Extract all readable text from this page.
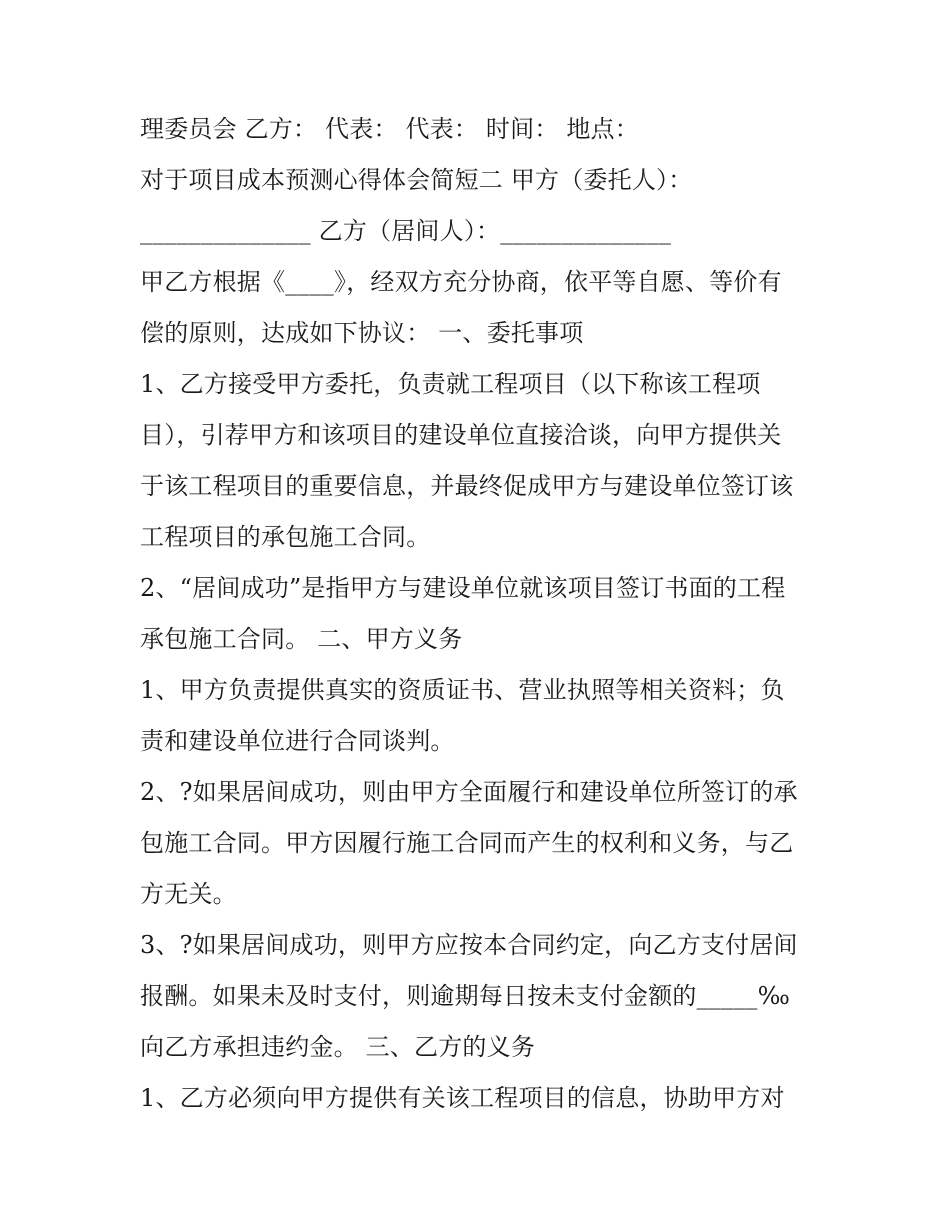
理委员会 乙方： 代表： 代表： 时间： 地点：
对于项目成本预测心得体会简短二 甲方（委托人）：
______________ 乙方（居间人）：______________
甲乙方根据《____》，经双方充分协商，依平等自愿、等价有
偿的原则，达成如下协议： 一、委托事项
1、乙方接受甲方委托，负责就工程项目（以下称该工程项
目），引荐甲方和该项目的建设单位直接洽谈，向甲方提供关
于该工程项目的重要信息，并最终促成甲方与建设单位签订该
工程项目的承包施工合同。
2、“居间成功”是指甲方与建设单位就该项目签订书面的工程
承包施工合同。 二、甲方义务
1、甲方负责提供真实的资质证书、营业执照等相关资料；负
责和建设单位进行合同谈判。
2、?如果居间成功，则由甲方全面履行和建设单位所签订的承
包施工合同。甲方因履行施工合同而产生的权利和义务，与乙
方无关。
3、?如果居间成功，则甲方应按本合同约定，向乙方支付居间
报酬。如果未及时支付，则逾期每日按未支付金额的_____‰
向乙方承担违约金。 三、乙方的义务
1、乙方必须向甲方提供有关该工程项目的信息，协助甲方对
